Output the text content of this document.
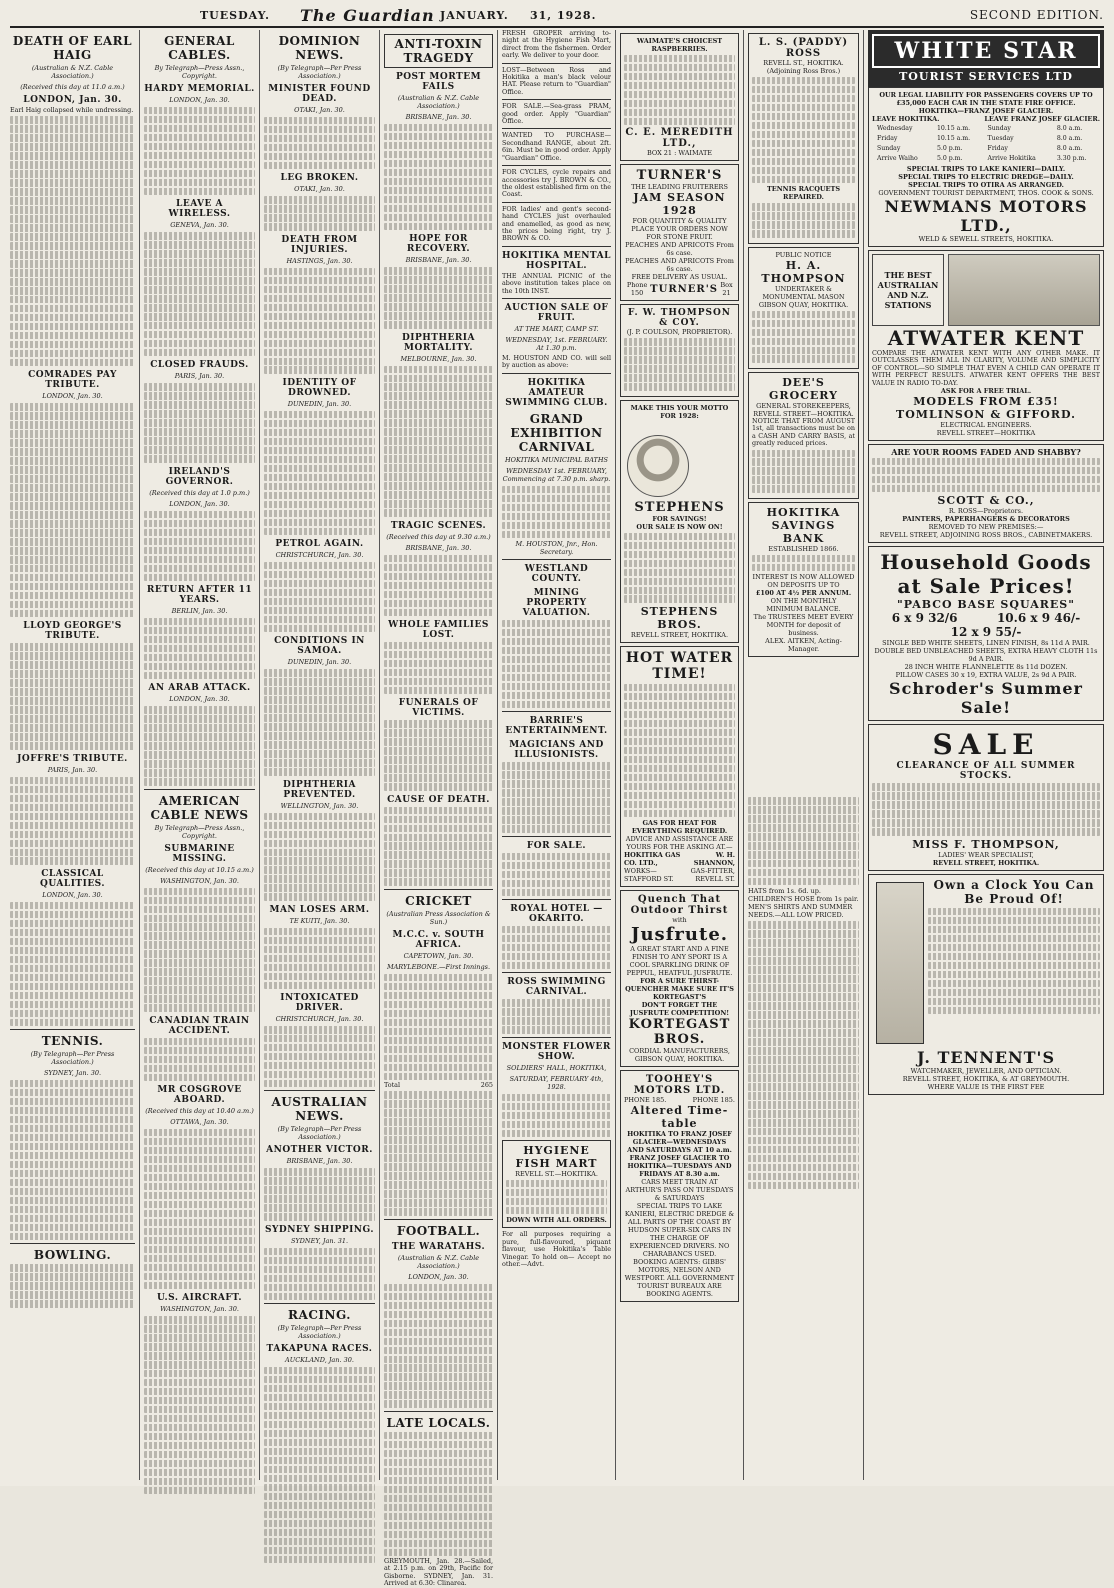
TUESDAY. The Guardian JANUARY. 31, 1928.	SECOND EDITION.
DEATH OF EARL HAIG
(Australian & N.Z. Cable Association.)
(Received this day at 11.0 a.m.)
LONDON, Jan. 30.

Earl Haig collapsed while undressing.

COMRADES PAY TRIBUTE.
LONDON, Jan. 30.
LLOYD GEORGE'S TRIBUTE.
JOFFRE'S TRIBUTE.
PARIS, Jan. 30.
CLASSICAL QUALITIES.
LONDON, Jan. 30.
TENNIS.
(By Telegraph—Per Press Association.)
SYDNEY, Jan. 30.
BOWLING.
GENERAL CABLES.
By Telegraph—Press Assn., Copyright.
HARDY MEMORIAL.
LONDON, Jan. 30.
LEAVE A WIRELESS.
GENEVA, Jan. 30.
CLOSED FRAUDS.
PARIS, Jan. 30.
IRELAND'S GOVERNOR.
(Received this day at 1.0 p.m.)
LONDON, Jan. 30.
RETURN AFTER 11 YEARS.
BERLIN, Jan. 30.
AN ARAB ATTACK.
LONDON, Jan. 30.
AMERICAN CABLE NEWS
By Telegraph—Press Assn., Copyright.
SUBMARINE MISSING.
(Received this day at 10.15 a.m.)
WASHINGTON, Jan. 30.
CANADIAN TRAIN ACCIDENT.
MR COSGROVE ABOARD.
(Received this day at 10.40 a.m.)
OTTAWA, Jan. 30.
U.S. AIRCRAFT.
WASHINGTON, Jan. 30.
DOMINION NEWS.
(By Telegraph—Per Press Association.)
MINISTER FOUND DEAD.
OTAKI, Jan. 30.
LEG BROKEN.
OTAKI, Jan. 30.
DEATH FROM INJURIES.
HASTINGS, Jan. 30.
IDENTITY OF DROWNED.
DUNEDIN, Jan. 30.
PETROL AGAIN.
CHRISTCHURCH, Jan. 30.
CONDITIONS IN SAMOA.
DUNEDIN, Jan. 30.
DIPHTHERIA PREVENTED.
WELLINGTON, Jan. 30.
MAN LOSES ARM.
TE KUITI, Jan. 30.
INTOXICATED DRIVER.
CHRISTCHURCH, Jan. 30.
AUSTRALIAN NEWS.
(By Telegraph—Per Press Association.)
ANOTHER VICTOR.
BRISBANE, Jan. 30.
SYDNEY SHIPPING.
SYDNEY, Jan. 31.
RACING.
(By Telegraph—Per Press Association.)
TAKAPUNA RACES.
AUCKLAND, Jan. 30.
ANTI-TOXIN TRAGEDY
POST MORTEM FAILS
(Australian & N.Z. Cable Association.)
BRISBANE, Jan. 30.
HOPE FOR RECOVERY.
BRISBANE, Jan. 30.
DIPHTHERIA MORTALITY.
MELBOURNE, Jan. 30.
TRAGIC SCENES.
(Received this day at 9.30 a.m.)
BRISBANE, Jan. 30.
WHOLE FAMILIES LOST.
FUNERALS OF VICTIMS.
CAUSE OF DEATH.
CRICKET
(Australian Press Association & Sun.)
M.C.C. v. SOUTH AFRICA.
CAPETOWN, Jan. 30.
MARYLEBONE.—First Innings.
Total	265
FOOTBALL.
THE WARATAHS.
(Australian & N.Z. Cable Association.)
LONDON, Jan. 30.
LATE LOCALS.

GREYMOUTH, Jan. 28.—Sailed, at 2.15 p.m. on 29th, Pacific for Gisborne. SYDNEY, Jan. 31. Arrived at 6.30: Clinarea.

FRESH GROPER arriving to-night at the Hygiene Fish Mart, direct from the fishermen. Order early. We deliver to your door.

LOST—Between Ross and Hokitika a man's black velour HAT. Please return to "Guardian" Office.

FOR SALE.—Sea-grass PRAM, good order. Apply "Guardian" Office.

WANTED TO PURCHASE—Secondhand RANGE, about 2ft. 6in. Must be in good order. Apply "Guardian" Office.

FOR CYCLES, cycle repairs and accessories try J. BROWN & CO., the oldest established firm on the Coast.

FOR ladies' and gent's second-hand CYCLES just overhauled and enamelled, as good as new, the prices being right, try J. BROWN & CO.

HOKITIKA MENTAL HOSPITAL.

THE ANNUAL PICNIC of the above institution takes place on the 10th INST.

AUCTION SALE OF FRUIT.
AT THE MART, CAMP ST.
WEDNESDAY, 1st. FEBRUARY. At 1.30 p.m.

M. HOUSTON AND CO. will sell by auction as above:

HOKITIKA AMATEUR SWIMMING CLUB.
GRAND EXHIBITION CARNIVAL
HOKITIKA MUNICIPAL BATHS
WEDNESDAY 1st. FEBRUARY, Commencing at 7.30 p.m. sharp.
M. HOUSTON, Jnr., Hon. Secretary.
WESTLAND COUNTY.
MINING PROPERTY VALUATION.
BARRIE'S ENTERTAINMENT.
MAGICIANS AND ILLUSIONISTS.
FOR SALE.
ROYAL HOTEL — OKARITO.
ROSS SWIMMING CARNIVAL.
MONSTER FLOWER SHOW.
SOLDIERS' HALL, HOKITIKA,
SATURDAY, FEBRUARY 4th, 1928.
HYGIENE FISH MART
REVELL ST.—HOKITIKA.
DOWN WITH ALL ORDERS.

For all purposes requiring a pure, full-flavoured, piquant flavour, use Hokitika's Table Vinegar. To hold on— Accept no other.—Advt.

WAIMATE'S CHOICEST RASPBERRIES.
C. E. MEREDITH LTD.,
BOX 21 : WAIMATE
TURNER'S
THE LEADING FRUITERERS
JAM SEASON
1928
FOR QUANTITY & QUALITY PLACE YOUR ORDERS NOW FOR STONE FRUIT.
PEACHES AND APRICOTS From 6s case.
PEACHES AND APRICOTS From 6s case.
FREE DELIVERY AS USUAL.
Phone 150 TURNER'S Box 21
F. W. THOMPSON & COY.
(J. P. COULSON, PROPRIETOR).
MAKE THIS YOUR MOTTO FOR 1928:
STEPHENS
FOR SAVINGS!
OUR SALE IS NOW ON!
STEPHENS BROS.
REVELL STREET, HOKITIKA.
HOT WATER TIME!
GAS FOR HEAT FOR EVERYTHING REQUIRED.
ADVICE AND ASSISTANCE ARE YOURS FOR THE ASKING AT.—
HOKITIKA GAS CO. LTD.,
WORKS—STAFFORD ST.
W. H. SHANNON,
GAS-FITTER, REVELL ST.
Quench That Outdoor Thirst
with
Jusfrute.
A GREAT START AND A FINE FINISH TO ANY SPORT IS A COOL SPARKLING DRINK OF PEPPUL, HEATFUL JUSFRUTE.
FOR A SURE THIRST-QUENCHER MAKE SURE IT'S KORTEGAST'S
DON'T FORGET THE JUSFRUTE COMPETITION!
KORTEGAST BROS.
CORDIAL MANUFACTURERS, GIBSON QUAY, HOKITIKA.
TOOHEY'S MOTORS LTD.
PHONE 185.	PHONE 185.
Altered Time-table
HOKITIKA TO FRANZ JOSEF GLACIER—WEDNESDAYS AND SATURDAYS AT 10 a.m.
FRANZ JOSEF GLACIER TO HOKITIKA—TUESDAYS AND FRIDAYS AT 8.30 a.m.
CARS MEET TRAIN AT ARTHUR'S PASS ON TUESDAYS & SATURDAYS
SPECIAL TRIPS TO LAKE KANIERI, ELECTRIC DREDGE & ALL PARTS OF THE COAST BY HUDSON SUPER-SIX CARS IN THE CHARGE OF EXPERIENCED DRIVERS. NO CHARABANCS USED.
BOOKING AGENTS: GIBBS' MOTORS, NELSON AND WESTPORT. ALL GOVERNMENT TOURIST BUREAUX ARE BOOKING AGENTS.
L. S. (PADDY) ROSS
REVELL ST., HOKITIKA.
(Adjoining Ross Bros.)
TENNIS RACQUETS REPAIRED.
PUBLIC NOTICE
H. A. THOMPSON
UNDERTAKER & MONUMENTAL MASON
GIBSON QUAY, HOKITIKA.
DEE'S GROCERY
GENERAL STOREKEEPERS,
REVELL STREET—HOKITIKA.

NOTICE THAT FROM AUGUST 1st, all transactions must be on a CASH AND CARRY BASIS, at greatly reduced prices.

HOKITIKA
SAVINGS BANK
ESTABLISHED 1866.
INTEREST IS NOW ALLOWED ON DEPOSITS UP TO
£100 AT 4½ PER ANNUM.
ON THE MONTHLY MINIMUM BALANCE.
The TRUSTEES MEET EVERY MONTH for deposit of business.
ALEX. AITKEN, Acting-Manager.
HATS from 1s. 6d. up.
CHILDREN'S HOSE from 1s pair.
MEN'S SHIRTS AND SUMMER NEEDS.—ALL LOW PRICED.
WHITE STAR
TOURIST SERVICES LTD
OUR LEGAL LIABILITY FOR PASSENGERS COVERS UP TO £35,000 EACH CAR IN THE STATE FIRE OFFICE.
HOKITIKA—FRANZ JOSEF GLACIER.
LEAVE HOKITIKA.	LEAVE FRANZ JOSEF GLACIER.
Wednesday	10.15 a.m.	Sunday	8.0 a.m.
Friday	10.15 a.m.	Tuesday	8.0 a.m.
Sunday	5.0 p.m.	Friday	8.0 a.m.
Arrive Waiho	5.0 p.m.	Arrive Hokitika	3.30 p.m.
SPECIAL TRIPS TO LAKE KANIERI—DAILY.
SPECIAL TRIPS TO ELECTRIC DREDGE—DAILY.
SPECIAL TRIPS TO OTIRA AS ARRANGED.
GOVERNMENT TOURIST DEPARTMENT, THOS. COOK & SONS.
NEWMANS MOTORS LTD.,
WELD & SEWELL STREETS, HOKITIKA.
THE BEST AUSTRALIAN AND N.Z. STATIONS
ATWATER KENT

COMPARE THE ATWATER KENT WITH ANY OTHER MAKE. IT OUTCLASSES THEM ALL IN CLARITY, VOLUME AND SIMPLICITY OF CONTROL—SO SIMPLE THAT EVEN A CHILD CAN OPERATE IT WITH PERFECT RESULTS. ATWATER KENT OFFERS THE BEST VALUE IN RADIO TO-DAY.

ASK FOR A FREE TRIAL.
MODELS FROM £35!
TOMLINSON & GIFFORD.
ELECTRICAL ENGINEERS.
REVELL STREET—HOKITIKA
ARE YOUR ROOMS FADED AND SHABBY?
SCOTT & CO.,
R. ROSS—Proprietors.
PAINTERS, PAPERHANGERS & DECORATORS
REMOVED TO NEW PREMISES:—
REVELL STREET, ADJOINING ROSS BROS., CABINETMAKERS.
Household Goods
at Sale Prices!
"PABCO BASE SQUARES"
6 x 9 32/6	10.6 x 9 46/-
12 x 9 55/-
SINGLE BED WHITE SHEETS, LINEN FINISH, 8s 11d A PAIR.
DOUBLE BED UNBLEACHED SHEETS, EXTRA HEAVY CLOTH 11s 9d A PAIR.
28 INCH WHITE FLANNELETTE 8s 11d DOZEN.
PILLOW CASES 30 x 19, EXTRA VALUE, 2s 9d A PAIR.
Schroder's Summer Sale!
SALE
CLEARANCE OF ALL SUMMER STOCKS.
MISS F. THOMPSON,
LADIES' WEAR SPECIALIST,
REVELL STREET, HOKITIKA.
Own a Clock You Can Be Proud Of!
J. TENNENT'S
WATCHMAKER, JEWELLER, AND OPTICIAN.
REVELL STREET, HOKITIKA, & AT GREYMOUTH.
WHERE VALUE IS THE FIRST FEE
